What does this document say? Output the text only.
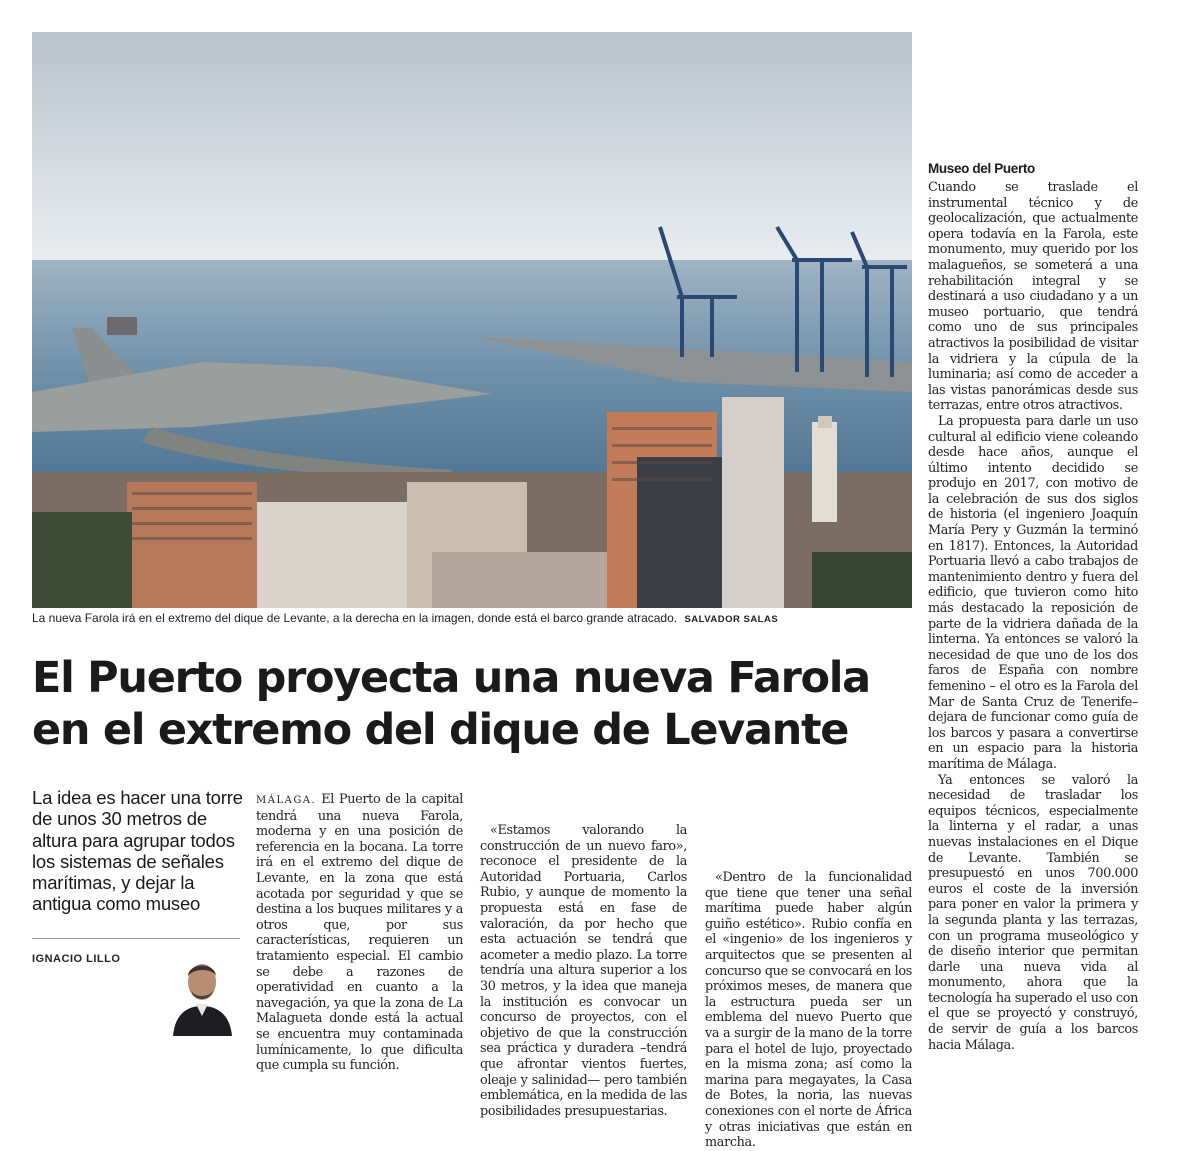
La nueva Farola irá en el extremo del dique de Levante, a la derecha en la imagen, donde está el barco grande atracado. SALVADOR SALAS
El Puerto proyecta una nueva Farola
en el extremo del dique de Levante

La idea es hacer una torre de unos 30 metros de altura para agrupar todos los sistemas de señales marítimas, y dejar la antigua como museo

IGNACIO LILLO

MÁLAGA. El Puerto de la capital tendrá una nueva Farola, moderna y en una posición de referencia en la bocana. La torre irá en el extremo del dique de Levante, en la zona que está acotada por seguridad y que se destina a los buques militares y a otros que, por sus características, requieren un tratamiento especial. El cambio se debe a razones de operatividad en cuanto a la navegación, ya que la zona de La Malagueta donde está la actual se encuentra muy contaminada lumínicamente, lo que dificulta que cumpla su función.

«Estamos valorando la construcción de un nuevo faro», reconoce el presidente de la Autoridad Portuaria, Carlos Rubio, y aunque de momento la propuesta está en fase de valoración, da por hecho que esta actuación se tendrá que acometer a medio plazo. La torre tendría una altura superior a los 30 metros, y la idea que maneja la institución es convocar un concurso de proyectos, con el objetivo de que la construcción sea práctica y duradera –tendrá que afrontar vientos fuertes, oleaje y salinidad— pero también emblemática, en la medida de las posibilidades presupuestarias.

«Dentro de la funcionalidad que tiene que tener una señal marítima puede haber algún guiño estético». Rubio confía en el «ingenio» de los ingenieros y arquitectos que se presenten al concurso que se convocará en los próximos meses, de manera que la estructura pueda ser un emblema del nuevo Puerto que va a surgir de la mano de la torre para el hotel de lujo, proyectado en la misma zona; así como la marina para megayates, la Casa de Botes, la noria, las nuevas conexiones con el norte de África y otras iniciativas que están en marcha.

Museo del Puerto

Cuando se traslade el instrumental técnico y de geolocalización, que actualmente opera todavía en la Farola, este monumento, muy querido por los malagueños, se someterá a una rehabilitación integral y se destinará a uso ciudadano y a un museo portuario, que tendrá como uno de sus principales atractivos la posibilidad de visitar la vidriera y la cúpula de la luminaria; así como de acceder a las vistas panorámicas desde sus terrazas, entre otros atractivos.

La propuesta para darle un uso cultural al edificio viene coleando desde hace años, aunque el último intento decidido se produjo en 2017, con motivo de la celebración de sus dos siglos de historia (el ingeniero Joaquín María Pery y Guzmán la terminó en 1817). Entonces, la Autoridad Portuaria llevó a cabo trabajos de mantenimiento dentro y fuera del edificio, que tuvieron como hito más destacado la reposición de parte de la vidriera dañada de la linterna. Ya entonces se valoró la necesidad de que uno de los dos faros de España con nombre femenino – el otro es la Farola del Mar de Santa Cruz de Tenerife– dejara de funcionar como guía de los barcos y pasara a convertirse en un espacio para la historia marítima de Málaga.

Ya entonces se valoró la necesidad de trasladar los equipos técnicos, especialmente la linterna y el radar, a unas nuevas instalaciones en el Dique de Levante. También se presupuestó en unos 700.000 euros el coste de la inversión para poner en valor la primera y la segunda planta y las terrazas, con un programa museológico y de diseño interior que permitan darle una nueva vida al monumento, ahora que la tecnología ha superado el uso con el que se proyectó y construyó, de servir de guía a los barcos hacia Málaga.
